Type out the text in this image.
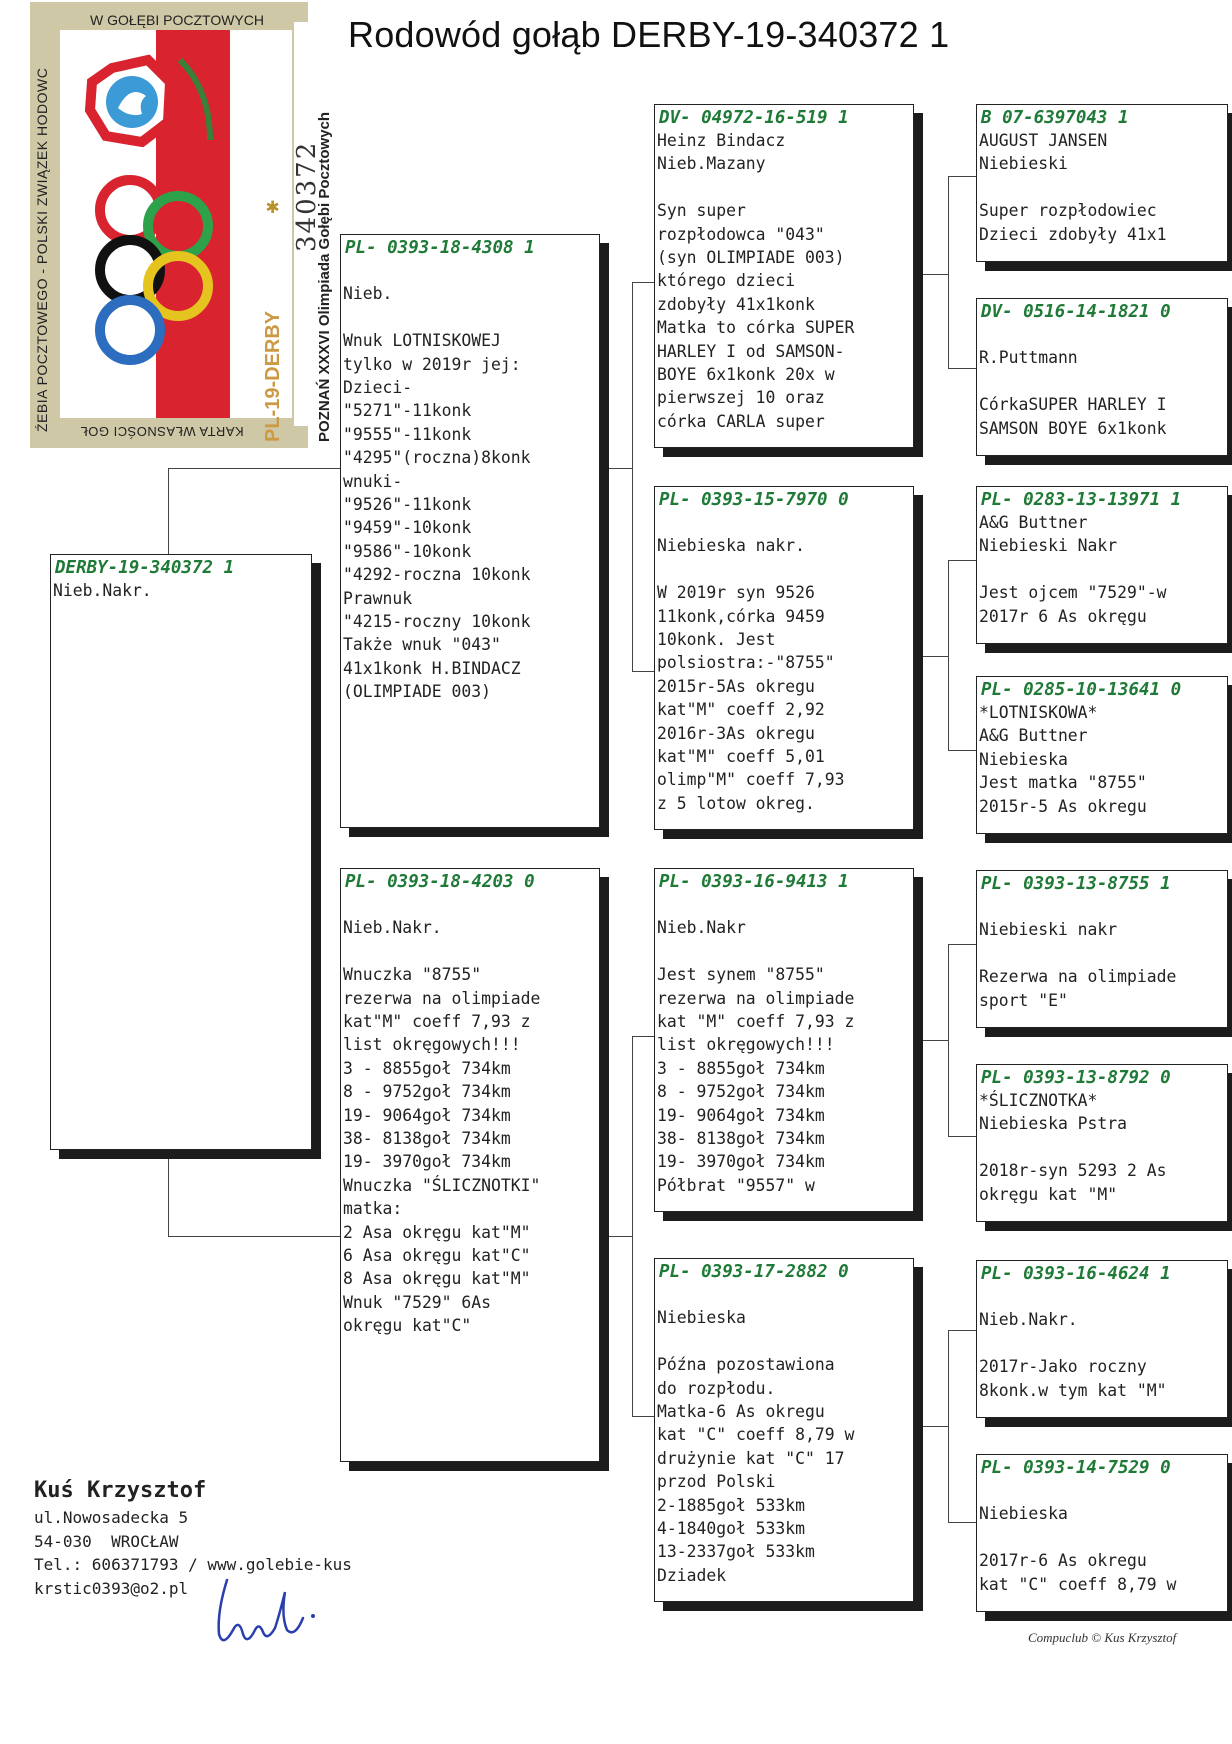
W GOŁĘBI POCZTOWYCH
ŹEBIA POCZTOWEGO - POLSKI ZWIĄZEK HODOWC KARTA WŁASNOŚCI GOŁ	POZNAŃ XXXVI Olimpiada Gołębi Pocztowych
340372
PL-19-DERBY
✱
Rodowód gołąb DERBY-19-340372 1
DERBY-19-340372 1
Nieb.Nakr.
PL- 0393-18-4308 1
Nieb.
Wnuk LOTNISKOWEJ
tylko w 2019r jej:
Dzieci-
"5271"-11konk
"9555"-11konk
"4295"(roczna)8konk
wnuki-
"9526"-11konk
"9459"-10konk
"9586"-10konk
"4292-roczna 10konk
Prawnuk
"4215-roczny 10konk
Także wnuk "043"
41x1konk H.BINDACZ
(OLIMPIADE 003)
PL- 0393-18-4203 0
Nieb.Nakr.
Wnuczka "8755"
rezerwa na olimpiade
kat"M" coeff 7,93 z
list okręgowych!!!
3 - 8855goł 734km
8 - 9752goł 734km
19- 9064goł 734km
38- 8138goł 734km
19- 3970goł 734km
Wnuczka "ŚLICZNOTKI"
matka:
2 Asa okręgu kat"M"
6 Asa okręgu kat"C"
8 Asa okręgu kat"M"
Wnuk "7529" 6As
okręgu kat"C"
DV- 04972-16-519 1
Heinz Bindacz
Nieb.Mazany
Syn super
rozpłodowca "043"
(syn OLIMPIADE 003)
którego dzieci
zdobyły 41x1konk
Matka to córka SUPER
HARLEY I od SAMSON-
BOYE 6x1konk 20x w
pierwszej 10 oraz
córka CARLA super
PL- 0393-15-7970 0
Niebieska nakr.
W 2019r syn 9526
11konk,córka 9459
10konk. Jest
polsiostra:-"8755"
2015r-5As okregu
kat"M" coeff 2,92
2016r-3As okregu
kat"M" coeff 5,01
olimp"M" coeff 7,93
z 5 lotow okreg.
PL- 0393-16-9413 1
Nieb.Nakr
Jest synem "8755"
rezerwa na olimpiade
kat "M" coeff 7,93 z
list okręgowych!!!
3 - 8855goł 734km
8 - 9752goł 734km
19- 9064goł 734km
38- 8138goł 734km
19- 3970goł 734km
Półbrat "9557" w
PL- 0393-17-2882 0
Niebieska
Późna pozostawiona
do rozpłodu.
Matka-6 As okregu
kat "C" coeff 8,79 w
drużynie kat "C" 17
przod Polski
2-1885goł 533km
4-1840goł 533km
13-2337goł 533km
Dziadek
B 07-6397043 1
AUGUST JANSEN
Niebieski
Super rozpłodowiec
Dzieci zdobyły 41x1
DV- 0516-14-1821 0
R.Puttmann
CórkaSUPER HARLEY I
SAMSON BOYE 6x1konk
PL- 0283-13-13971 1
A&G Buttner
Niebieski Nakr
Jest ojcem "7529"-w
2017r 6 As okręgu
PL- 0285-10-13641 0
*LOTNISKOWA*
A&G Buttner
Niebieska
Jest matka "8755"
2015r-5 As okregu
PL- 0393-13-8755 1
Niebieski nakr
Rezerwa na olimpiade
sport "E"
PL- 0393-13-8792 0
*ŚLICZNOTKA*
Niebieska Pstra
2018r-syn 5293 2 As
okręgu kat "M"
PL- 0393-16-4624 1
Nieb.Nakr.
2017r-Jako roczny
8konk.w tym kat "M"
PL- 0393-14-7529 0
Niebieska
2017r-6 As okregu
kat "C" coeff 8,79 w
Kuś Krzysztof
ul.Nowosadecka 5
54-030  WROCŁAW
Tel.: 606371793 / www.golebie-kus
krstic0393@o2.pl
Compuclub © Kus Krzysztof
